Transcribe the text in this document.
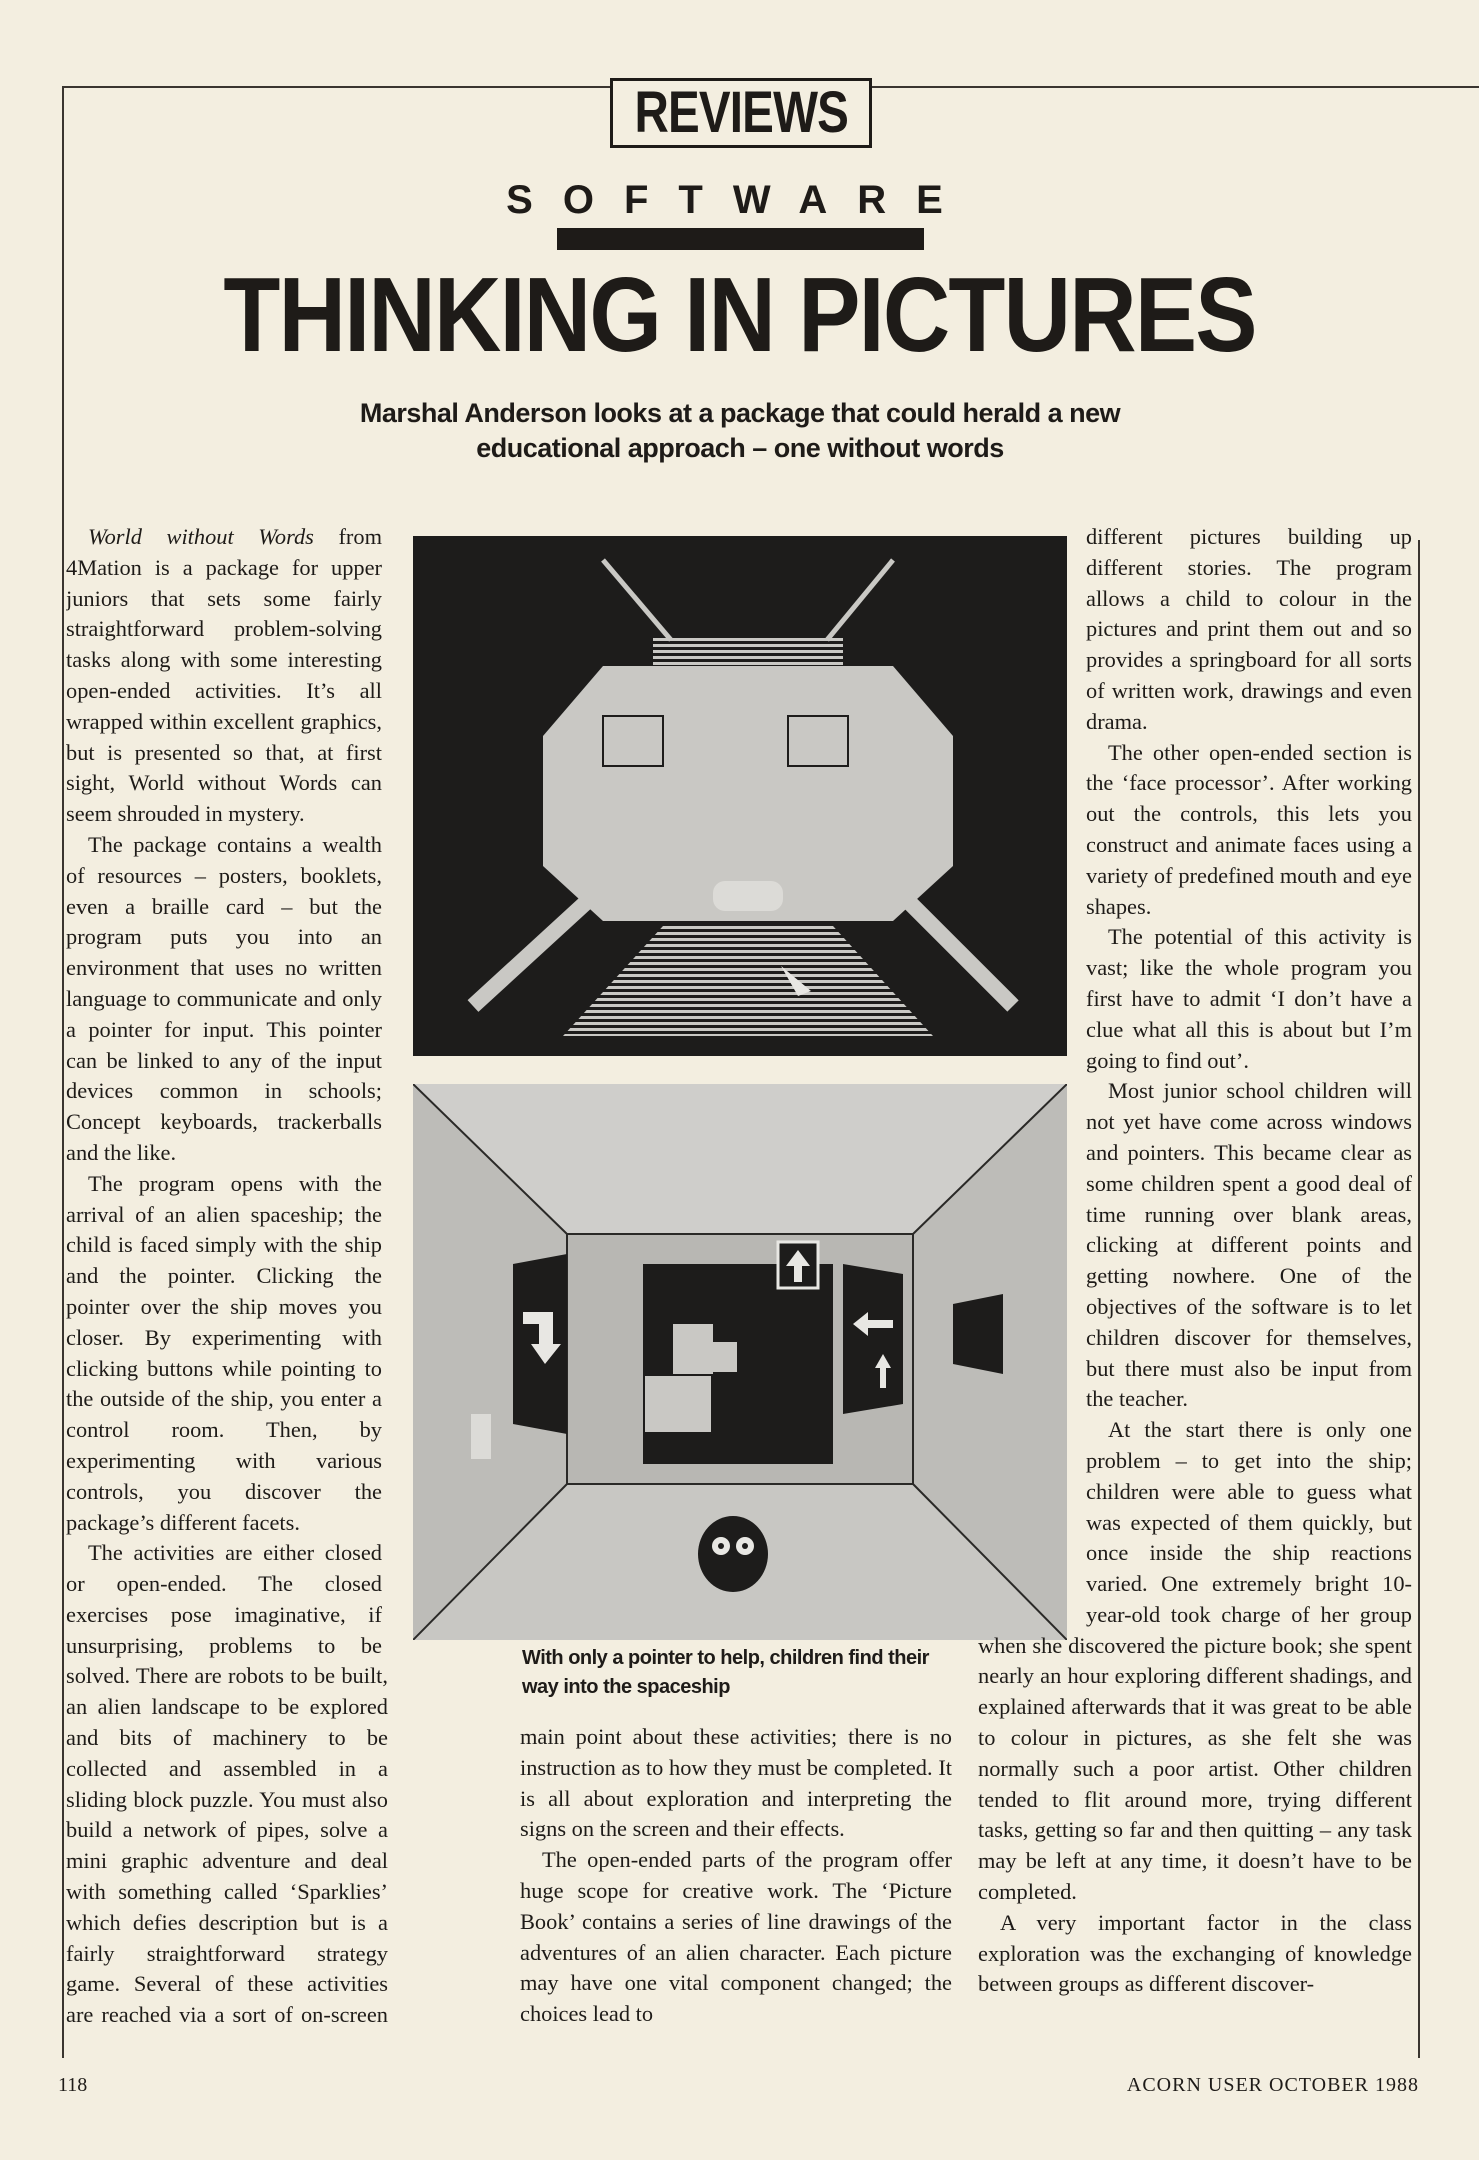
REVIEWS
SOFTWARE
THINKING IN PICTURES
Marshal Anderson looks at a package that could herald a new educational approach – one without words

World without Words from 4Mation is a package for upper juniors that sets some fairly straightforward problem-solving tasks along with some interesting open-ended activities. It’s all wrapped within excellent graphics, but is presented so that, at first sight, World without Words can seem shrouded in mystery.

The package contains a wealth of resources – posters, booklets, even a braille card – but the program puts you into an environment that uses no written language to communicate and only a pointer for input. This pointer can be linked to any of the input devices common in schools; Concept keyboards, trackerballs and the like.

The program opens with the arrival of an alien spaceship; the child is faced simply with the ship and the pointer. Clicking the pointer over the ship moves you closer. By experimenting with clicking buttons while pointing to the outside of the ship, you enter a control room. Then, by experimenting with various controls, you discover the package’s different facets.

The activities are either closed or open-ended. The closed exercises pose imaginative, if unsurprising, problems to be solved. There are robots to be built, an alien landscape to be explored and bits of machinery to be collected and assembled in a sliding block puzzle. You must also build a network of pipes, solve a mini graphic adventure and deal with something called ‘Sparklies’ which defies description but is a fairly straightforward strategy game. Several of these activities are reached via a sort of on-screen

With only a pointer to help, children find their way into the spaceship

main point about these activities; there is no instruction as to how they must be completed. It is all about exploration and interpreting the signs on the screen and their effects.

The open-ended parts of the program offer huge scope for creative work. The ‘Picture Book’ contains a series of line drawings of the adventures of an alien character. Each picture may have one vital component changed; the choices lead to

different pictures building up different stories. The program allows a child to colour in the pictures and print them out and so provides a springboard for all sorts of written work, drawings and even drama.

The other open-ended section is the ‘face processor’. After working out the controls, this lets you construct and animate faces using a variety of predefined mouth and eye shapes.

The potential of this activity is vast; like the whole program you first have to admit ‘I don’t have a clue what all this is about but I’m going to find out’.

Most junior school children will not yet have come across windows and pointers. This became clear as some children spent a good deal of time running over blank areas, clicking at different points and getting nowhere. One of the objectives of the software is to let children discover for themselves, but there must also be input from the teacher.

At the start there is only one problem – to get into the ship; children were able to guess what was expected of them quickly, but once inside the ship reactions varied. One extremely bright 10-year-old took charge of her group when she discovered the picture book; she spent nearly an hour exploring different shadings, and explained afterwards that it was great to be able to colour in pictures, as she felt she was normally such a poor artist. Other children tended to flit around more, trying different tasks, getting so far and then quitting – any task may be left at any time, it doesn’t have to be completed.

A very important factor in the class exploration was the exchanging of knowledge between groups as different discover-

118	ACORN USER OCTOBER 1988
